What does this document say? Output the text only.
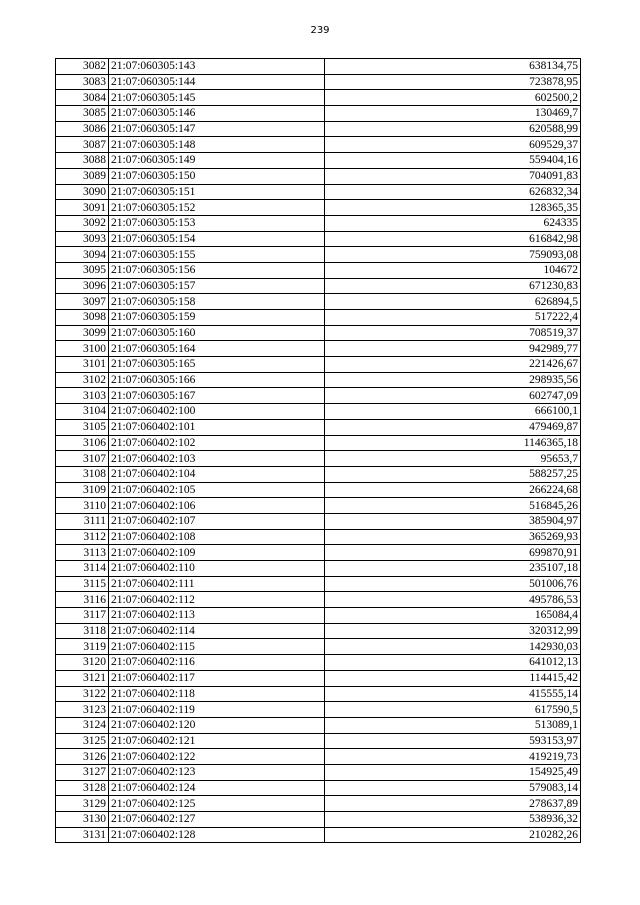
239
3082	21:07:060305:143	638134,75
3083	21:07:060305:144	723878,95
3084	21:07:060305:145	602500,2
3085	21:07:060305:146	130469,7
3086	21:07:060305:147	620588,99
3087	21:07:060305:148	609529,37
3088	21:07:060305:149	559404,16
3089	21:07:060305:150	704091,83
3090	21:07:060305:151	626832,34
3091	21:07:060305:152	128365,35
3092	21:07:060305:153	624335
3093	21:07:060305:154	616842,98
3094	21:07:060305:155	759093,08
3095	21:07:060305:156	104672
3096	21:07:060305:157	671230,83
3097	21:07:060305:158	626894,5
3098	21:07:060305:159	517222,4
3099	21:07:060305:160	708519,37
3100	21:07:060305:164	942989,77
3101	21:07:060305:165	221426,67
3102	21:07:060305:166	298935,56
3103	21:07:060305:167	602747,09
3104	21:07:060402:100	666100,1
3105	21:07:060402:101	479469,87
3106	21:07:060402:102	1146365,18
3107	21:07:060402:103	95653,7
3108	21:07:060402:104	588257,25
3109	21:07:060402:105	266224,68
3110	21:07:060402:106	516845,26
3111	21:07:060402:107	385904,97
3112	21:07:060402:108	365269,93
3113	21:07:060402:109	699870,91
3114	21:07:060402:110	235107,18
3115	21:07:060402:111	501006,76
3116	21:07:060402:112	495786,53
3117	21:07:060402:113	165084,4
3118	21:07:060402:114	320312,99
3119	21:07:060402:115	142930,03
3120	21:07:060402:116	641012,13
3121	21:07:060402:117	114415,42
3122	21:07:060402:118	415555,14
3123	21:07:060402:119	617590,5
3124	21:07:060402:120	513089,1
3125	21:07:060402:121	593153,97
3126	21:07:060402:122	419219,73
3127	21:07:060402:123	154925,49
3128	21:07:060402:124	579083,14
3129	21:07:060402:125	278637,89
3130	21:07:060402:127	538936,32
3131	21:07:060402:128	210282,26
